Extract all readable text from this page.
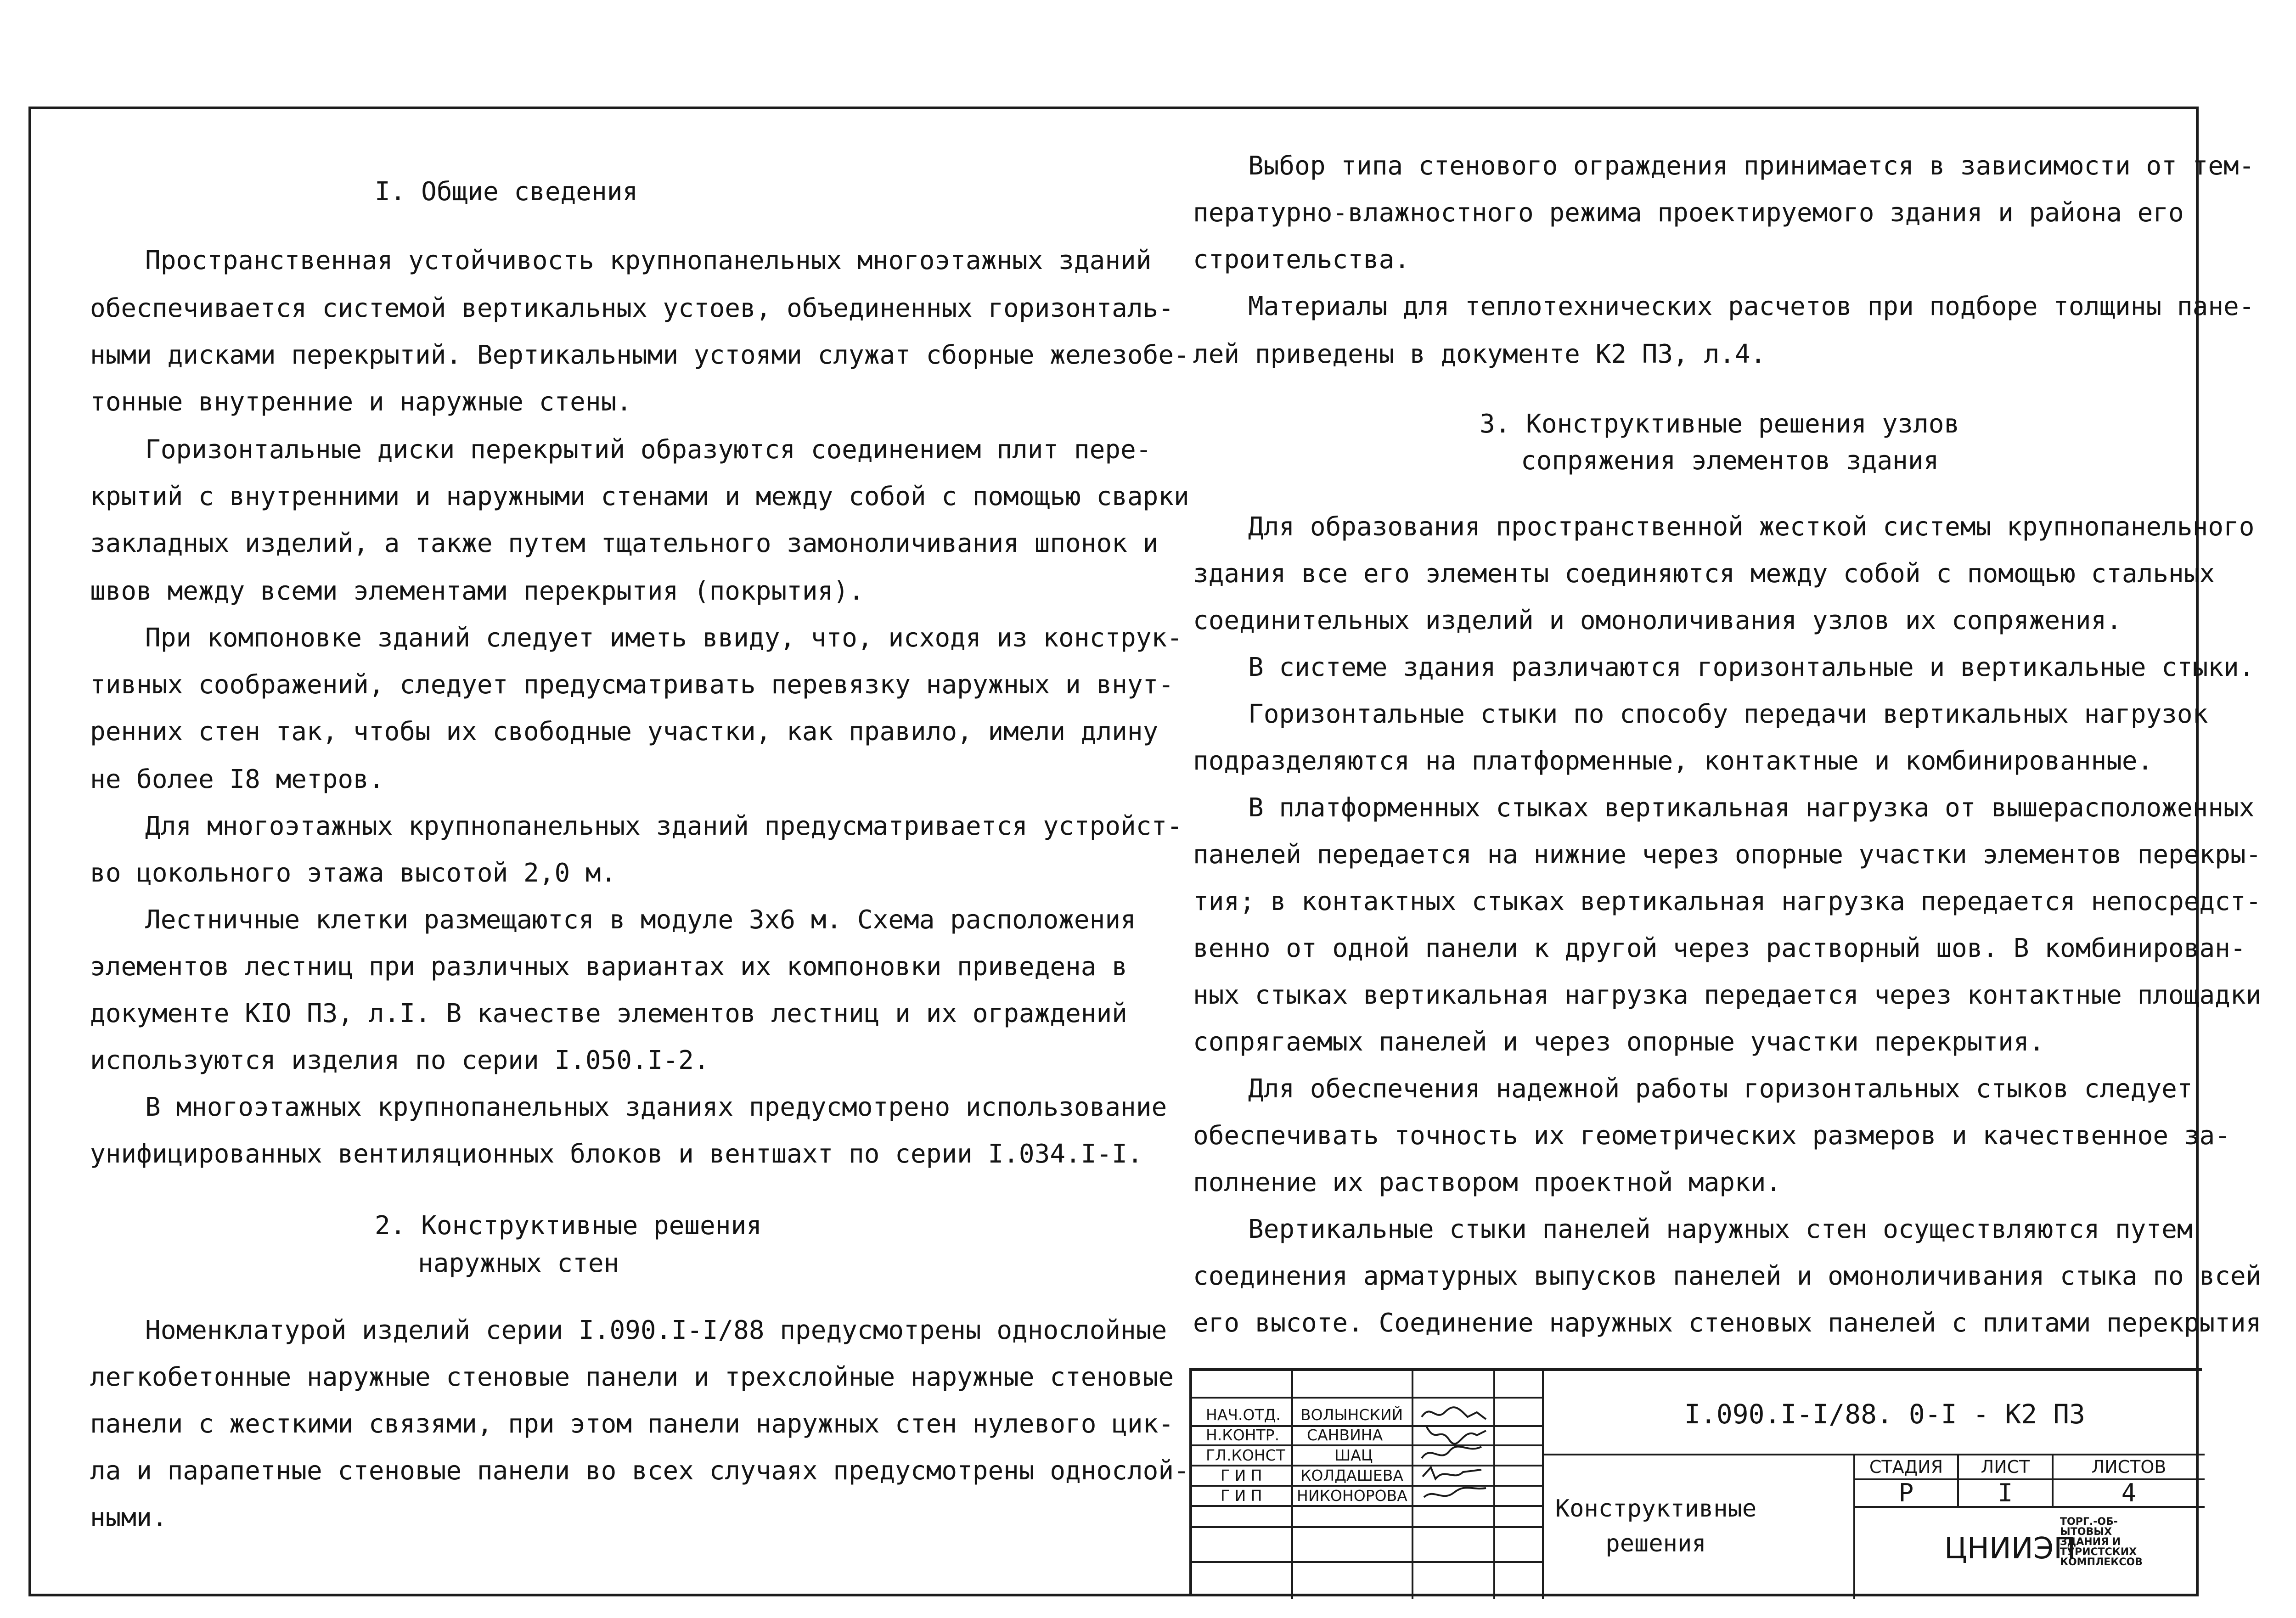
I. Общие сведения
Пространственная устойчивость крупнопанельных многоэтажных зданий
обеспечивается системой вертикальных устоев, объединенных горизонталь-
ными дисками перекрытий. Вертикальными устоями служат сборные железобе-
тонные внутренние и наружные стены.
Горизонтальные диски перекрытий образуются соединением плит пере-
крытий с внутренними и наружными стенами и между собой с помощью сварки
закладных изделий, а также путем тщательного замоноличивания шпонок и
швов между всеми элементами перекрытия (покрытия).
При компоновке зданий следует иметь ввиду, что, исходя из конструк-
тивных соображений, следует предусматривать перевязку наружных и внут-
ренних стен так, чтобы их свободные участки, как правило, имели длину
не более I8 метров.
Для многоэтажных крупнопанельных зданий предусматривается устройст-
во цокольного этажа высотой 2,0 м.
Лестничные клетки размещаются в модуле 3х6 м. Схема расположения
элементов лестниц при различных вариантах их компоновки приведена в
документе КIО ПЗ, л.I. В качестве элементов лестниц и их ограждений
используются изделия по серии I.050.I-2.
В многоэтажных крупнопанельных зданиях предусмотрено использование
унифицированных вентиляционных блоков и вентшахт по серии I.034.I-I.
2. Конструктивные решения
наружных стен
Номенклатурой изделий серии I.090.I-I/88 предусмотрены однослойные
легкобетонные наружные стеновые панели и трехслойные наружные стеновые
панели с жесткими связями, при этом панели наружных стен нулевого цик-
ла и парапетные стеновые панели во всех случаях предусмотрены однослой-
ными.
Выбор типа стенового ограждения принимается в зависимости от тем-
пературно-влажностного режима проектируемого здания и района его
строительства.
Материалы для теплотехнических расчетов при подборе толщины пане-
лей приведены в документе К2 ПЗ, л.4.
3. Конструктивные решения узлов
сопряжения элементов здания
Для образования пространственной жесткой системы крупнопанельного
здания все его элементы соединяются между собой с помощью стальных
соединительных изделий и омоноличивания узлов их сопряжения.
В системе здания различаются горизонтальные и вертикальные стыки.
Горизонтальные стыки по способу передачи вертикальных нагрузок
подразделяются на платформенные, контактные и комбинированные.
В платформенных стыках вертикальная нагрузка от вышерасположенных
панелей передается на нижние через опорные участки элементов перекры-
тия; в контактных стыках вертикальная нагрузка передается непосредст-
венно от одной панели к другой через растворный шов. В комбинирован-
ных стыках вертикальная нагрузка передается через контактные площадки
сопрягаемых панелей и через опорные участки перекрытия.
Для обеспечения надежной работы горизонтальных стыков следует
обеспечивать точность их геометрических размеров и качественное за-
полнение их раствором проектной марки.
Вертикальные стыки панелей наружных стен осуществляются путем
соединения арматурных выпусков панелей и омоноличивания стыка по всей
его высоте. Соединение наружных стеновых панелей с плитами перекрытия
НАЧ.ОТД. ВОЛЫНСКИЙ
Н.КОНТР. САНВИНА
ГЛ.КОНСТ	ШАЦ
Г И П	КОЛДАШЕВА
Г И П НИКОНОРОВА
I.090.I-I/88. 0-I - К2 ПЗ
Конструктивные
решения
СТАДИЯ	ЛИСТ	ЛИСТОВ
Р	I	4
ЦНИИЭП
ТОРГ.-ОБ-
ЫТОВЫХ
ЗДАНИЯ И
ТУРИСТСКИХ
КОМПЛЕКСОВ
